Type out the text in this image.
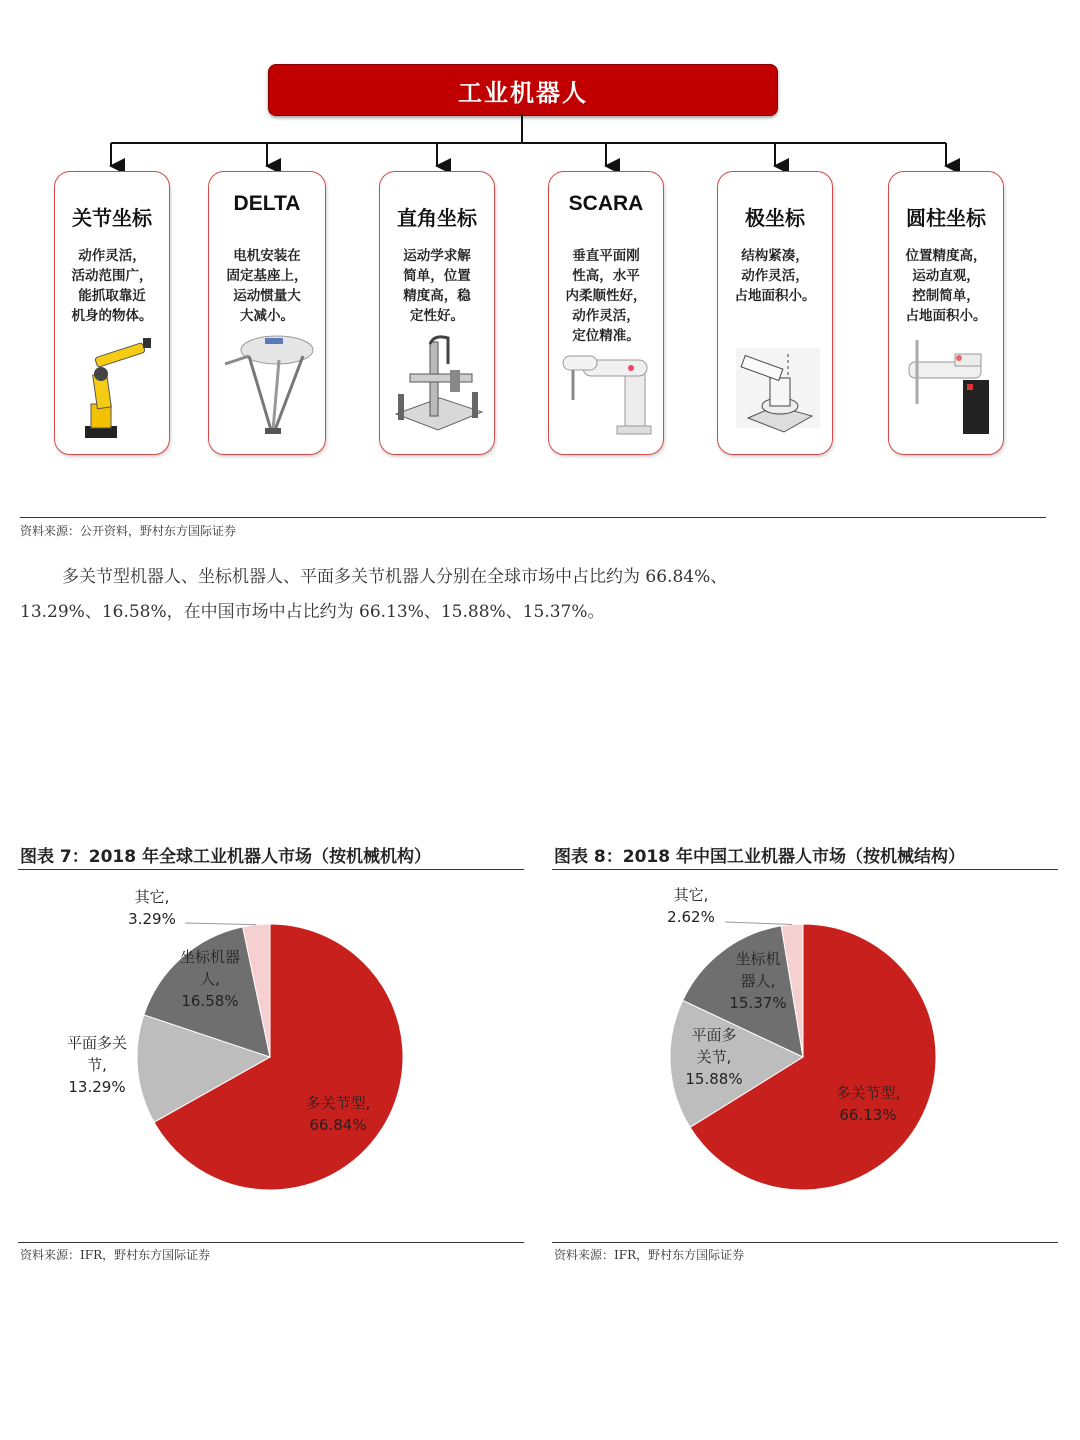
工业机器人
关节坐标
动作灵活，
活动范围广，
能抓取靠近
机身的物体。
DELTA
电机安装在
固定基座上，
运动惯量大
大减小。
直角坐标
运动学求解
简单，位置
精度高，稳
定性好。
SCARA
垂直平面刚
性高，水平
内柔顺性好，
动作灵活，
定位精准。
极坐标
结构紧凑，
动作灵活，
占地面积小。
圆柱坐标
位置精度高，
运动直观，
控制简单，
占地面积小。
资料来源：公开资料，野村东方国际证券
多关节型机器人、坐标机器人、平面多关节机器人分别在全球市场中占比约为 66.84%、13.29%、16.58%，在中国市场中占比约为 66.13%、15.88%、15.37%。
图表 7：2018 年全球工业机器人市场（按机械机构）	图表 8：2018 年中国工业机器人市场（按机械结构）
多关节型, 66.84%
平面多关节, 13.29%
坐标机器人, 16.58%
其它, 3.29%
多关节型, 66.13%
平面多关节, 15.88%
坐标机器人, 15.37%
其它, 2.62%
资料来源：IFR，野村东方国际证券	资料来源：IFR，野村东方国际证券
